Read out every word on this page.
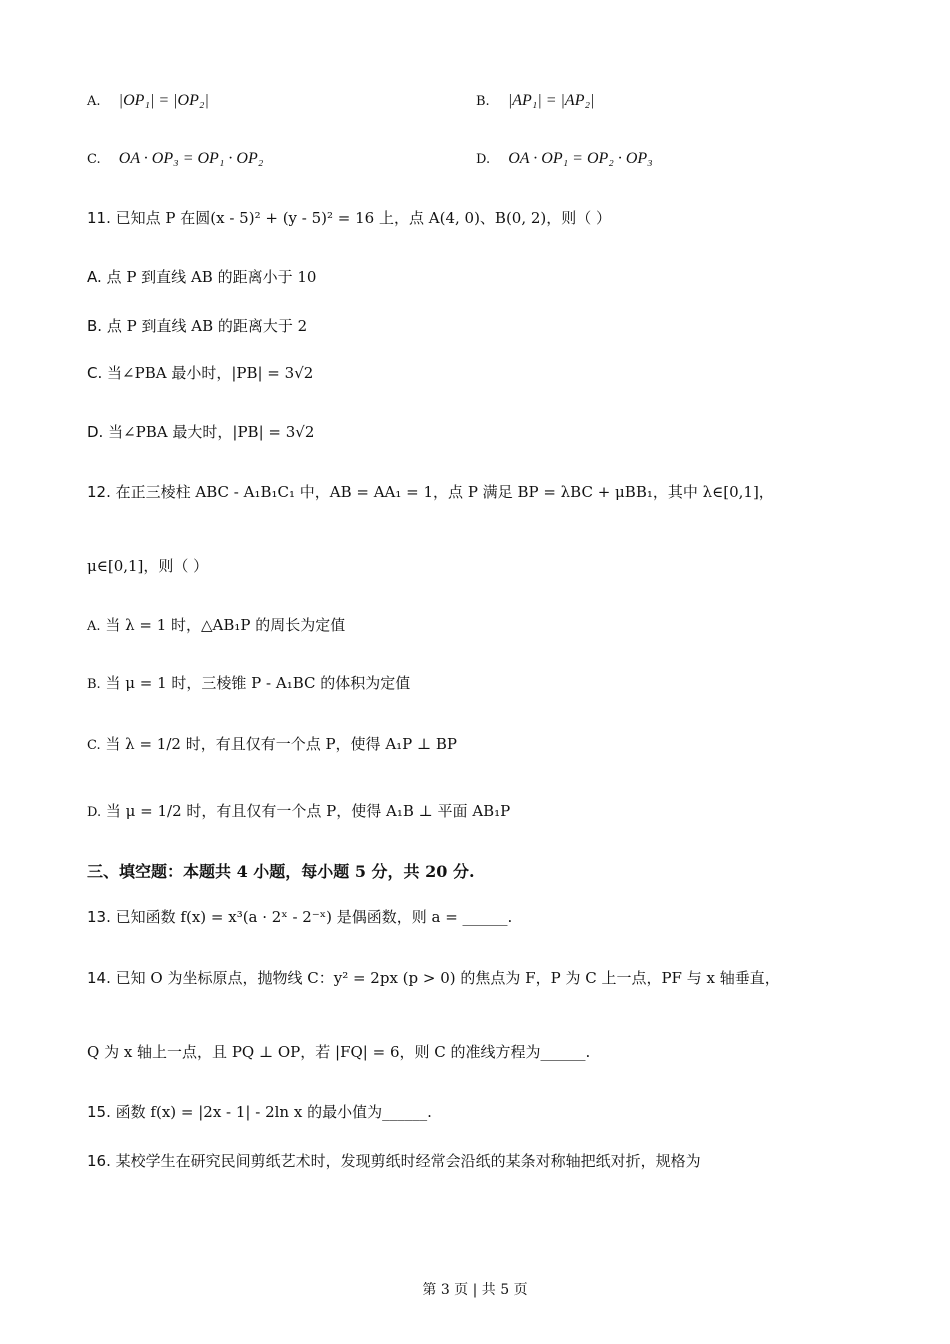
A. |OP₁| = |OP₂|	B. |AP₁| = |AP₂|
C. OA · OP₃ = OP₁ · OP₂	D. OA · OP₁ = OP₂ · OP₃
11. 已知点 P 在圆(x - 5)² + (y - 5)² = 16 上，点 A(4, 0)、B(0, 2)，则（ ）
A. 点 P 到直线 AB 的距离小于 10
B. 点 P 到直线 AB 的距离大于 2
C. 当∠PBA 最小时，|PB| = 3√2
D. 当∠PBA 最大时，|PB| = 3√2
12. 在正三棱柱 ABC - A₁B₁C₁ 中，AB = AA₁ = 1，点 P 满足 BP = λBC + μBB₁，其中 λ∈[0,1]，
μ∈[0,1]，则（ ）
A. 当 λ = 1 时，△AB₁P 的周长为定值
B. 当 μ = 1 时，三棱锥 P - A₁BC 的体积为定值
C. 当 λ = 1/2 时，有且仅有一个点 P，使得 A₁P ⊥ BP
D. 当 μ = 1/2 时，有且仅有一个点 P，使得 A₁B ⊥ 平面 AB₁P
三、填空题：本题共 4 小题，每小题 5 分，共 20 分.
13. 已知函数 f(x) = x³(a · 2ˣ - 2⁻ˣ) 是偶函数，则 a = ______.
14. 已知 O 为坐标原点，抛物线 C：y² = 2px (p > 0) 的焦点为 F，P 为 C 上一点，PF 与 x 轴垂直，
Q 为 x 轴上一点，且 PQ ⊥ OP，若 |FQ| = 6，则 C 的准线方程为______.
15. 函数 f(x) = |2x - 1| - 2ln x 的最小值为______.
16. 某校学生在研究民间剪纸艺术时，发现剪纸时经常会沿纸的某条对称轴把纸对折，规格为
第 3 页 | 共 5 页
